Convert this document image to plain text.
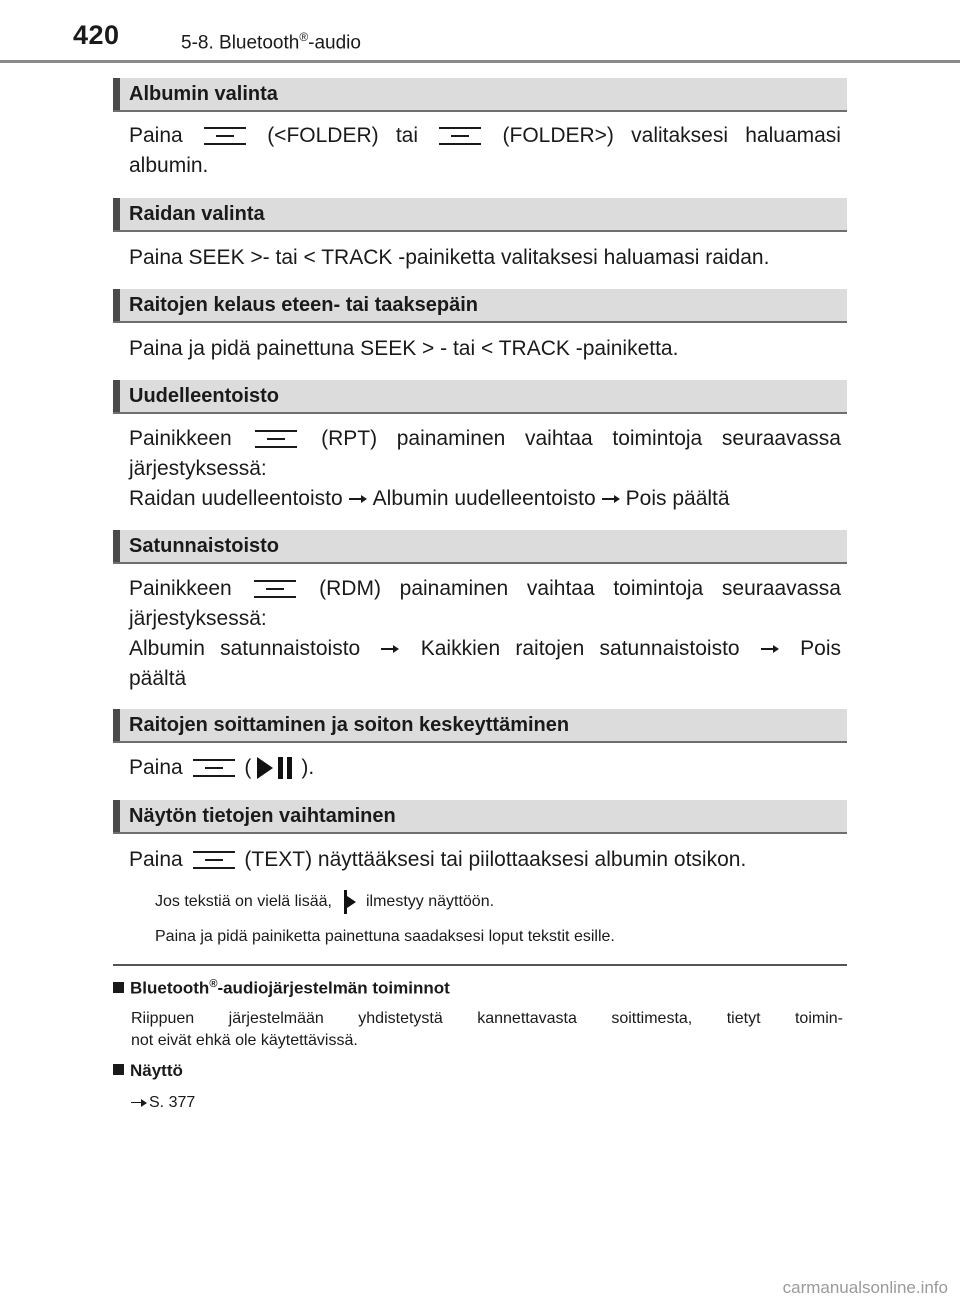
420	5-8. Bluetooth®-audio
Albumin valinta
Paina	(<FOLDER) tai	(FOLDER>) valitaksesi haluamasi
albumin.
Raidan valinta
Paina SEEK >- tai < TRACK -painiketta valitaksesi haluamasi raidan.
Raitojen kelaus eteen- tai taaksepäin
Paina ja pidä painettuna SEEK > - tai < TRACK -painiketta.
Uudelleentoisto
Painikkeen	(RPT) painaminen vaihtaa toimintoja seuraavassa
järjestyksessä:
Raidan uudelleentoisto Albumin uudelleentoisto Pois päältä
Satunnaistoisto
Painikkeen	(RDM) painaminen vaihtaa toimintoja seuraavassa
järjestyksessä:
Albumin satunnaistoisto	Kaikkien raitojen satunnaistoisto	Pois
päältä
Raitojen soittaminen ja soiton keskeyttäminen
Paina	( ).
Näytön tietojen vaihtaminen
Paina	(TEXT) näyttääksesi tai piilottaaksesi albumin otsikon.
Jos tekstiä on vielä lisää, ilmestyy näyttöön.
Paina ja pidä painiketta painettuna saadaksesi loput tekstit esille.
Bluetooth®-audiojärjestelmän toiminnot
Riippuen järjestelmään yhdistetystä kannettavasta soittimesta, tietyt toimin-
not eivät ehkä ole käytettävissä.
Näyttö
S. 377
carmanualsonline.info
